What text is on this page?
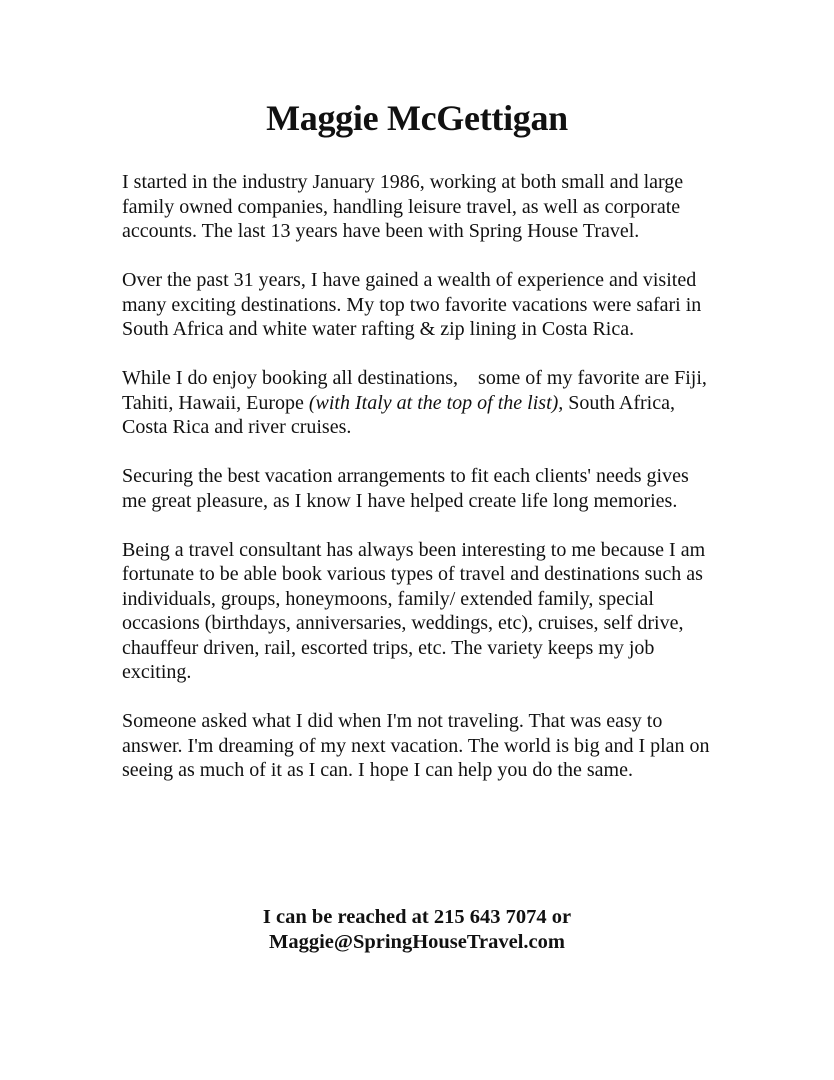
Maggie McGettigan

I started in the industry January 1986, working at both small and large family owned companies, handling leisure travel, as well as corporate accounts. The last 13 years have been with Spring House Travel.

Over the past 31 years, I have gained a wealth of experience and visited many exciting destinations. My top two favorite vacations were safari in South Africa and white water rafting & zip lining in Costa Rica.

While I do enjoy booking all destinations,    some of my favorite are Fiji, Tahiti, Hawaii, Europe (with Italy at the top of the list), South Africa, Costa Rica and river cruises.

Securing the best vacation arrangements to fit each clients' needs gives me great pleasure, as I know I have helped create life long memories.

Being a travel consultant has always been interesting to me because I am fortunate to be able book various types of travel and destinations such as individuals, groups, honeymoons, family/ extended family, special occasions (birthdays, anniversaries, weddings, etc), cruises, self drive, chauffeur driven, rail, escorted trips, etc. The variety keeps my job exciting.

Someone asked what I did when I'm not traveling. That was easy to answer. I'm dreaming of my next vacation. The world is big and I plan on seeing as much of it as I can. I hope I can help you do the same.

I can be reached at 215 643 7074 or
Maggie@SpringHouseTravel.com
